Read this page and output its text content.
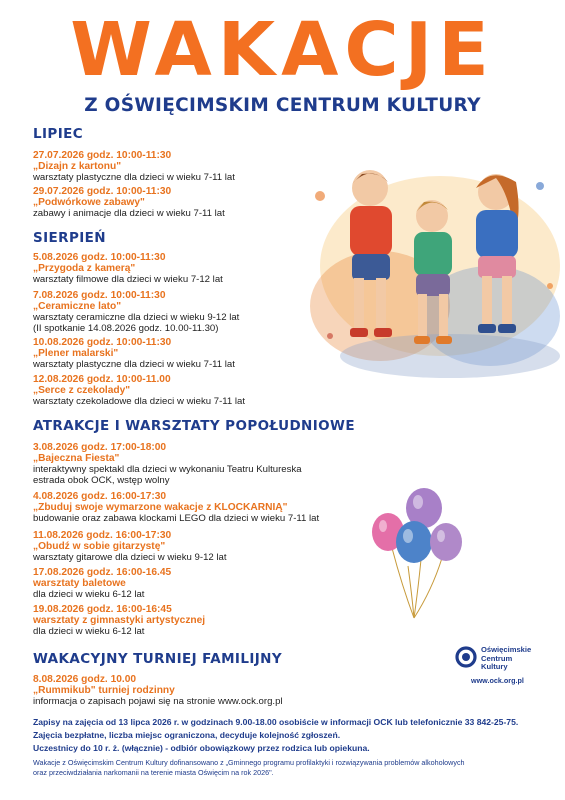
WAKACJE
Z OŚWIĘCIMSKIM CENTRUM KULTURY
LIPIEC
27.07.2026 godz. 10:00-11:30
„Dizajn z kartonu"
warsztaty plastyczne dla dzieci w wieku 7-11 lat
29.07.2026 godz. 10:00-11:30
„Podwórkowe zabawy"
zabawy i animacje dla dzieci w wieku 7-11 lat
SIERPIEŃ
5.08.2026 godz. 10:00-11:30
„Przygoda z kamerą"
warsztaty filmowe dla dzieci w wieku 7-12 lat
7.08.2026 godz. 10:00-11:30
„Ceramiczne lato"
warsztaty ceramiczne dla dzieci w wieku 9-12 lat
(II spotkanie 14.08.2026 godz. 10.00-11.30)
10.08.2026 godz. 10:00-11:30
„Plener malarski"
warsztaty plastyczne dla dzieci w wieku 7-11 lat
12.08.2026 godz. 10:00-11.00
„Serce z czekolady"
warsztaty czekoladowe dla dzieci w wieku 7-11 lat
ATRAKCJE I WARSZTATY POPOŁUDNIOWE
3.08.2026 godz. 17:00-18:00
„Bajeczna Fiesta"
interaktywny spektakl dla dzieci w wykonaniu Teatru Kultureska
estrada obok OCK, wstęp wolny
4.08.2026 godz. 16:00-17:30
„Zbuduj swoje wymarzone wakacje z KLOCKARNIĄ"
budowanie oraz zabawa klockami LEGO dla dzieci w wieku 7-11 lat
11.08.2026 godz. 16:00-17:30
„Obudź w sobie gitarzystę"
warsztaty gitarowe dla dzieci w wieku 9-12 lat
17.08.2026 godz. 16:00-16.45
warsztaty baletowe
dla dzieci w wieku 6-12 lat
19.08.2026 godz. 16:00-16:45
warsztaty z gimnastyki artystycznej
dla dzieci w wieku 6-12 lat
WAKACYJNY TURNIEJ FAMILIJNY
8.08.2026 godz. 10.00
„Rummikub" turniej rodzinny
informacja o zapisach pojawi się na stronie www.ock.org.pl
Oświęcimskie
Centrum
Kultury
www.ock.org.pl
Zapisy na zajęcia od 13 lipca 2026 r. w godzinach 9.00-18.00 osobiście w informacji OCK lub telefonicznie 33 842-25-75.
Zajęcia bezpłatne, liczba miejsc ograniczona, decyduje kolejność zgłoszeń.
Uczestnicy do 10 r. ż. (włącznie) - odbiór obowiązkowy przez rodzica lub opiekuna.
Wakacje z Oświęcimskim Centrum Kultury dofinansowano z „Gminnego programu profilaktyki i rozwiązywania problemów alkoholowych
oraz przeciwdziałania narkomanii na terenie miasta Oświęcim na rok 2026".
